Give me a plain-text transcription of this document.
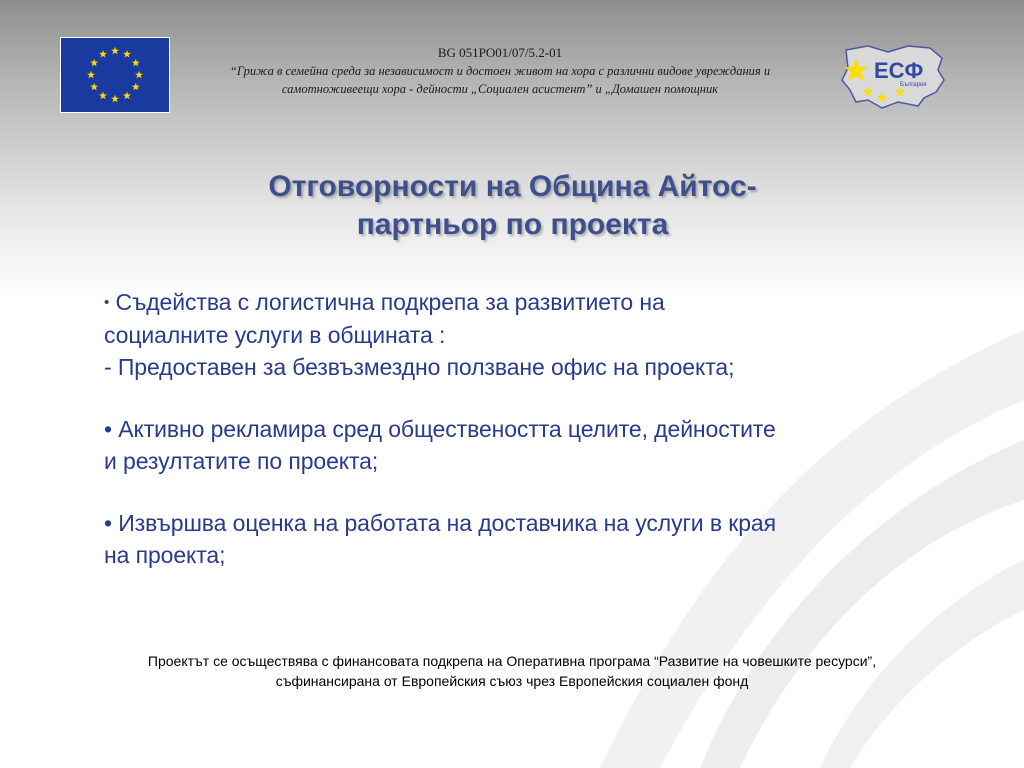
BG 051PO01/07/5.2-01
“Грижа в семейна среда за независимост и достоен живот на хора с различни видове увреждания и
самотноживеещи хора - дейности „Социален асистент” и „Домашен помощник
ЕСФ
България
Отговорности на Община Айтос-
партньор по проекта
• Съдейства с логистична подкрепа за развитието на
социалните услуги в общината :
- Предоставен за безвъзмездно ползване офис на проекта;
• Активно рекламира сред обществеността целите, дейностите
и резултатите по проекта;
• Извършва оценка на работата на доставчика на услуги в края
на проекта;
Проектът се осъществява с финансовата подкрепа на Оперативна програма “Развитие на човешките ресурси”,
съфинансирана от Европейския съюз чрез Европейския социален фонд
